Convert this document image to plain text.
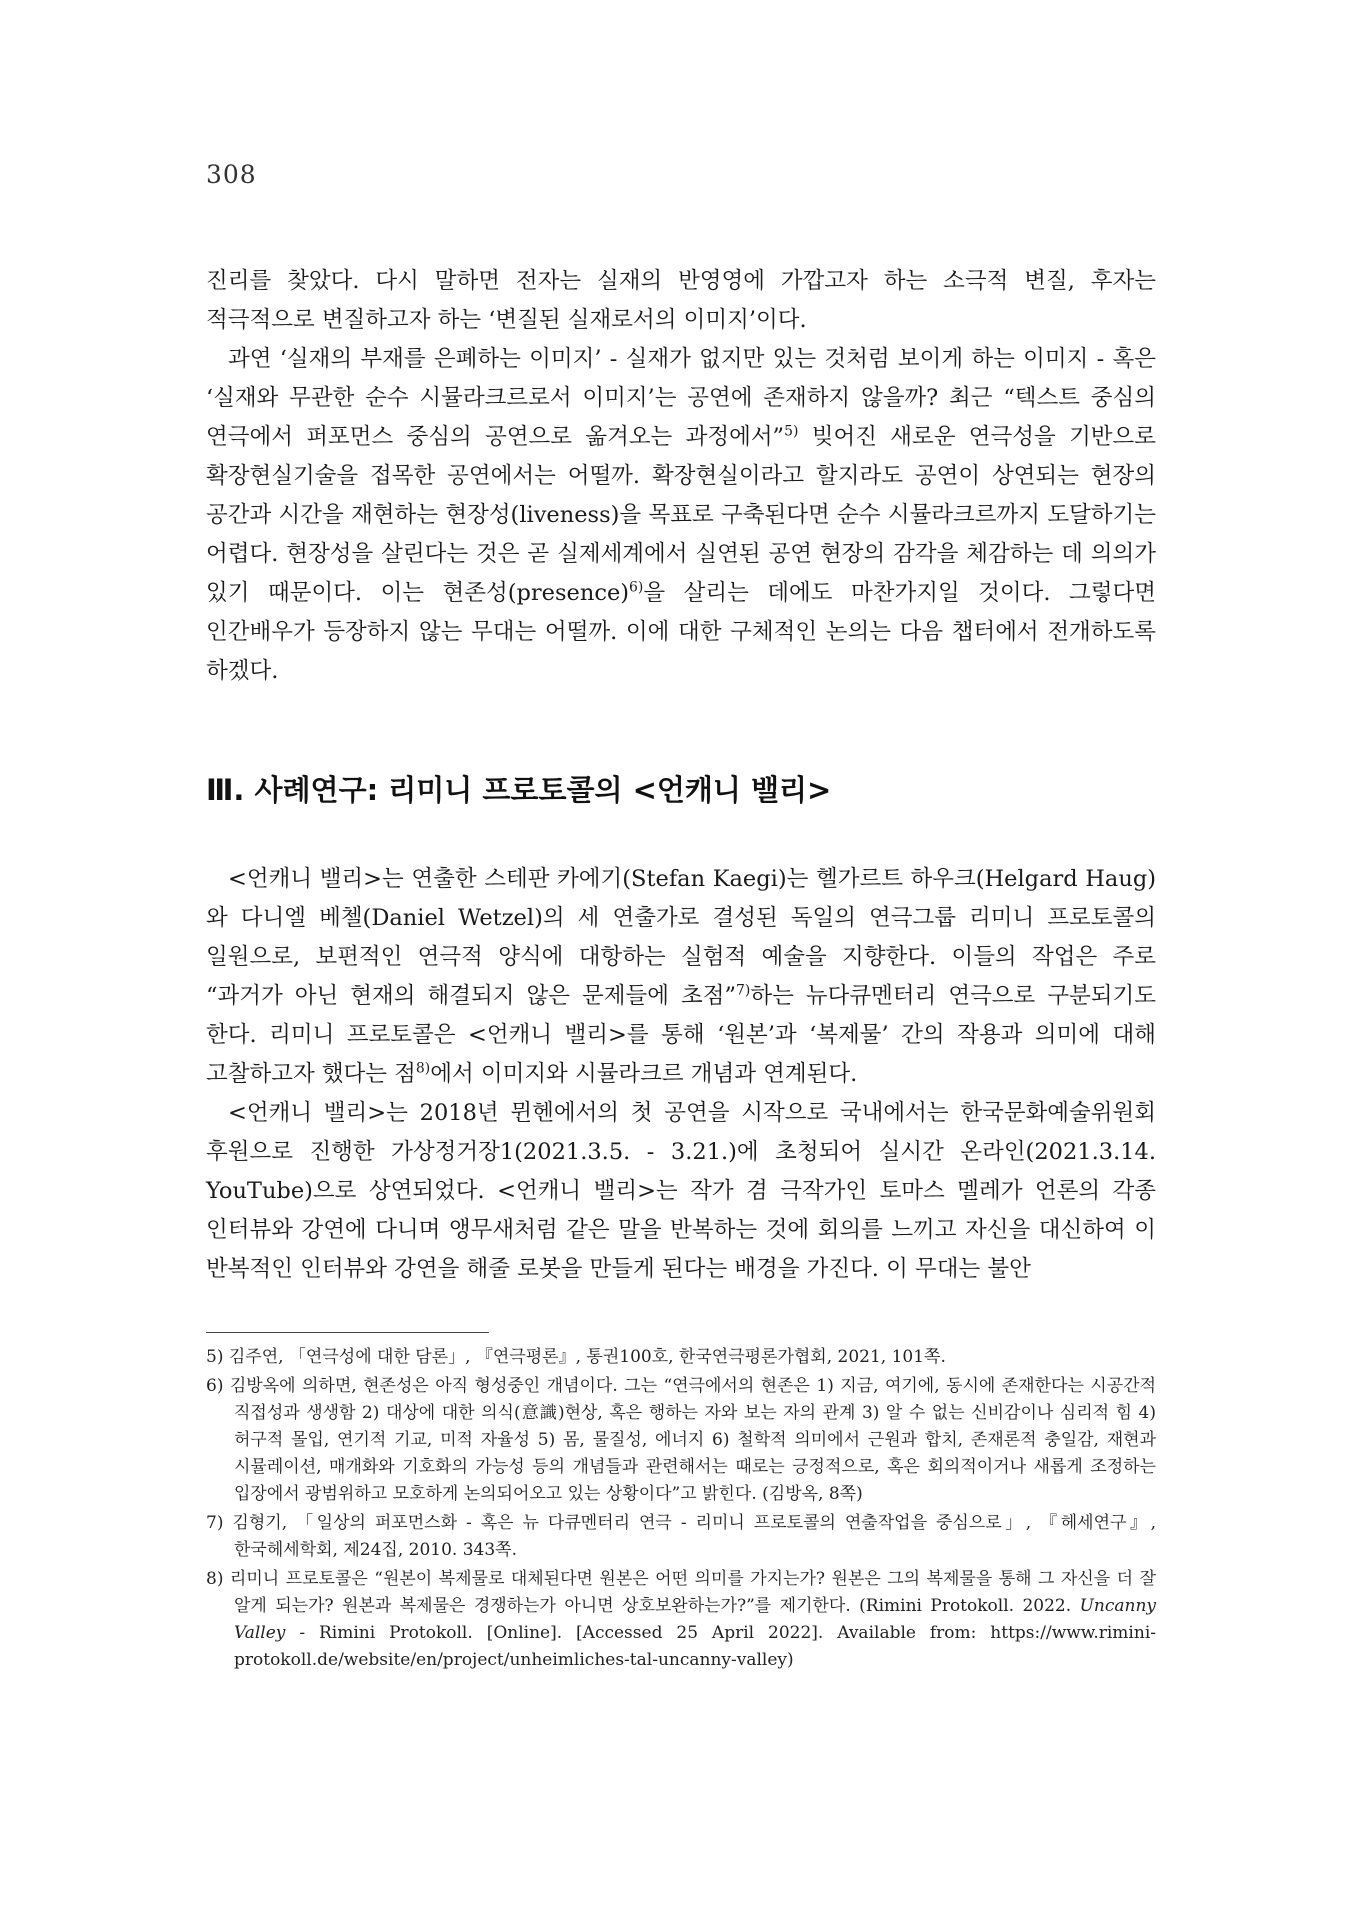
308

진리를 찾았다. 다시 말하면 전자는 실재의 반영영에 가깝고자 하는 소극적 변질, 후자는 적극적으로 변질하고자 하는 ‘변질된 실재로서의 이미지’이다.

과연 ‘실재의 부재를 은폐하는 이미지’ - 실재가 없지만 있는 것처럼 보이게 하는 이미지 - 혹은 ‘실재와 무관한 순수 시뮬라크르로서 이미지’는 공연에 존재하지 않을까? 최근 “텍스트 중심의 연극에서 퍼포먼스 중심의 공연으로 옮겨오는 과정에서”$^{5)}$ 빚어진 새로운 연극성을 기반으로 확장현실기술을 접목한 공연에서는 어떨까. 확장현실이라고 할지라도 공연이 상연되는 현장의 공간과 시간을 재현하는 현장성(liveness)을 목표로 구축된다면 순수 시뮬라크르까지 도달하기는 어렵다. 현장성을 살린다는 것은 곧 실제세계에서 실연된 공연 현장의 감각을 체감하는 데 의의가 있기 때문이다. 이는 현존성(presence)$^{6)}$을 살리는 데에도 마찬가지일 것이다. 그렇다면 인간배우가 등장하지 않는 무대는 어떨까. 이에 대한 구체적인 논의는 다음 챕터에서 전개하도록 하겠다.

Ⅲ. 사례연구: 리미니 프로토콜의 <언캐니 밸리>

<언캐니 밸리>는 연출한 스테판 카에기(Stefan Kaegi)는 헬가르트 하우크(Helgard Haug)와 다니엘 베첼(Daniel Wetzel)의 세 연출가로 결성된 독일의 연극그룹 리미니 프로토콜의 일원으로, 보편적인 연극적 양식에 대항하는 실험적 예술을 지향한다. 이들의 작업은 주로 “과거가 아닌 현재의 해결되지 않은 문제들에 초점”$^{7)}$하는 뉴다큐멘터리 연극으로 구분되기도 한다. 리미니 프로토콜은 <언캐니 밸리>를 통해 ‘원본’과 ‘복제물’ 간의 작용과 의미에 대해 고찰하고자 했다는 점$^{8)}$에서 이미지와 시뮬라크르 개념과 연계된다.

<언캐니 밸리>는 2018년 뮌헨에서의 첫 공연을 시작으로 국내에서는 한국문화예술위원회 후원으로 진행한 가상정거장1(2021.3.5. - 3.21.)에 초청되어 실시간 온라인(2021.3.14. YouTube)으로 상연되었다. <언캐니 밸리>는 작가 겸 극작가인 토마스 멜레가 언론의 각종 인터뷰와 강연에 다니며 앵무새처럼 같은 말을 반복하는 것에 회의를 느끼고 자신을 대신하여 이 반복적인 인터뷰와 강연을 해줄 로봇을 만들게 된다는 배경을 가진다. 이 무대는 불안

5) 김주연, 「연극성에 대한 담론」, 『연극평론』, 통권100호, 한국연극평론가협회, 2021, 101쪽.
6) 김방옥에 의하면, 현존성은 아직 형성중인 개념이다. 그는 “연극에서의 현존은 1) 지금, 여기에, 동시에 존재한다는 시공간적 직접성과 생생함 2) 대상에 대한 의식(意識)현상, 혹은 행하는 자와 보는 자의 관계 3) 알 수 없는 신비감이나 심리적 힘 4) 허구적 몰입, 연기적 기교, 미적 자율성 5) 몸, 물질성, 에너지 6) 철학적 의미에서 근원과 합치, 존재론적 충일감, 재현과 시뮬레이션, 매개화와 기호화의 가능성 등의 개념들과 관련해서는 때로는 긍정적으로, 혹은 회의적이거나 새롭게 조정하는 입장에서 광범위하고 모호하게 논의되어오고 있는 상황이다”고 밝힌다. (김방옥, 8쪽)
7) 김형기, 「일상의 퍼포먼스화 - 혹은 뉴 다큐멘터리 연극 - 리미니 프로토콜의 연출작업을 중심으로」, 『헤세연구』, 한국헤세학회, 제24집, 2010. 343쪽.
8) 리미니 프로토콜은 “원본이 복제물로 대체된다면 원본은 어떤 의미를 가지는가? 원본은 그의 복제물을 통해 그 자신을 더 잘 알게 되는가? 원본과 복제물은 경쟁하는가 아니면 상호보완하는가?”를 제기한다. (Rimini Protokoll. 2022. Uncanny Valley - Rimini Protokoll. [Online]. [Accessed 25 April 2022]. Available from: https://www.rimini-protokoll.de/website/en/project/unheimliches-tal-uncanny-valley)
